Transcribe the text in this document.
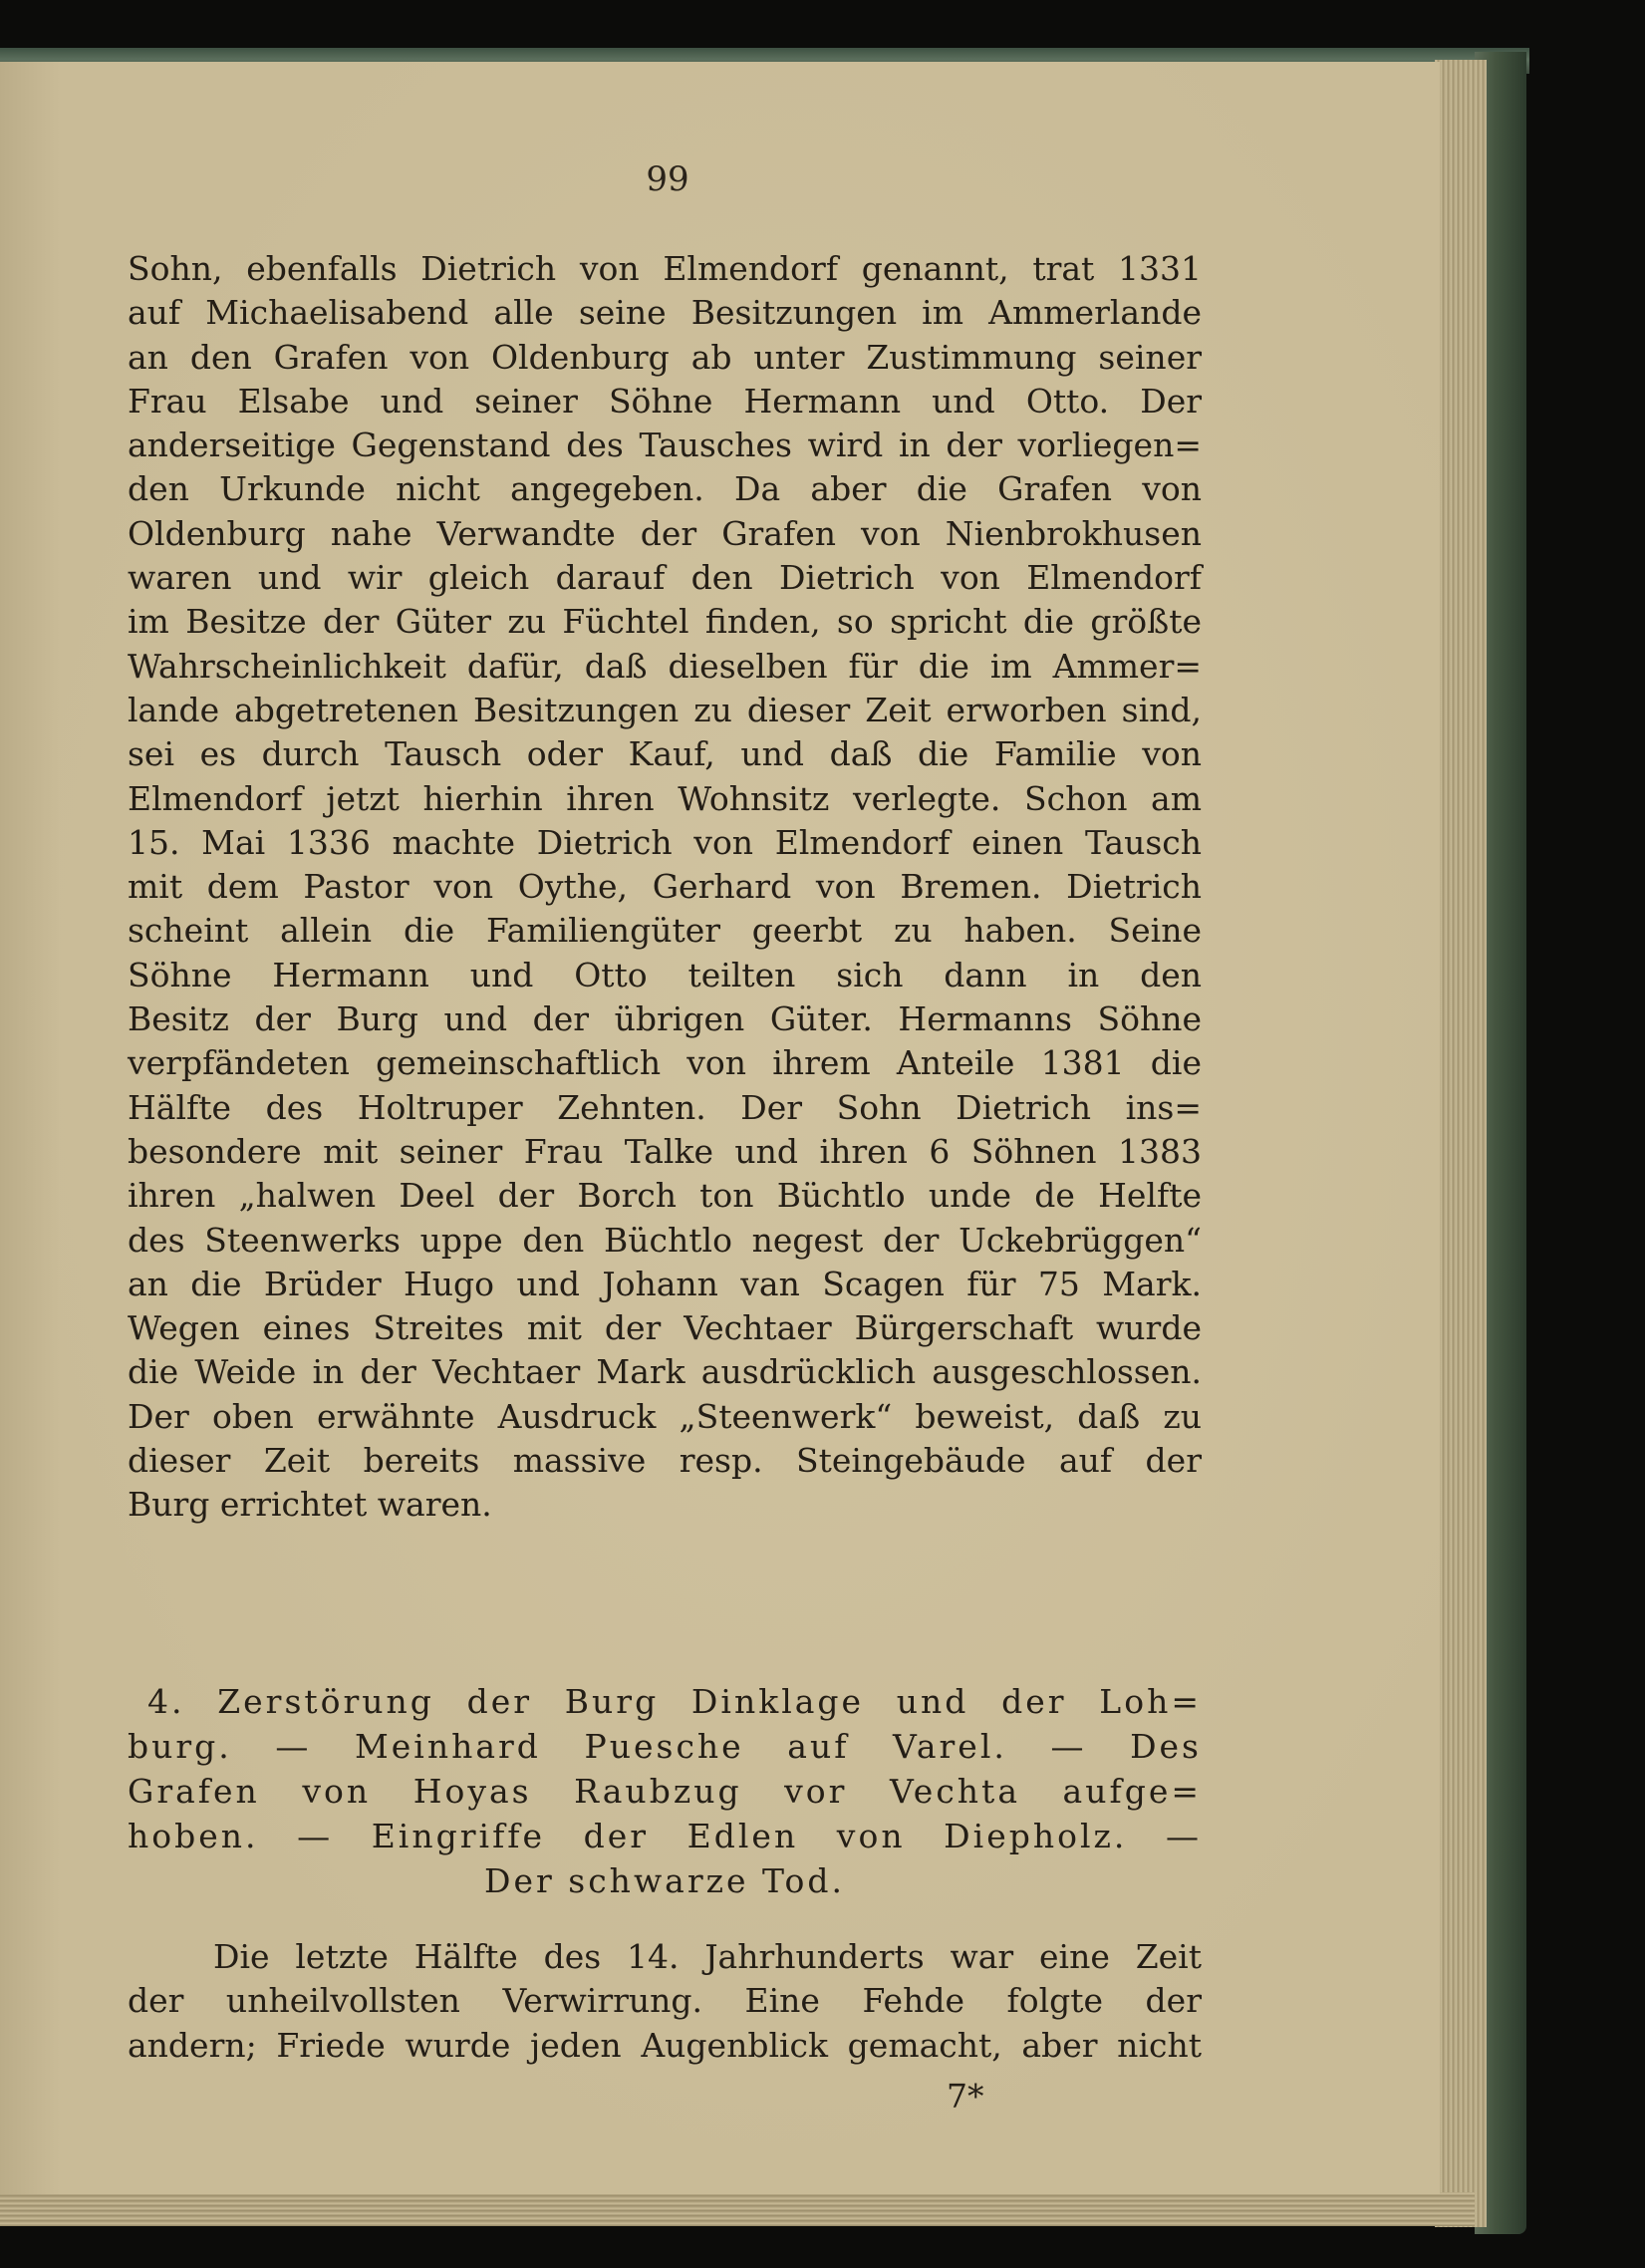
99
Sohn, ebenfalls Dietrich von Elmendorf genannt, trat 1331
auf Michaelisabend alle seine Besitzungen im Ammerlande
an den Grafen von Oldenburg ab unter Zustimmung seiner
Frau Elsabe und seiner Söhne Hermann und Otto. Der
anderseitige Gegenstand des Tausches wird in der vorliegen=
den Urkunde nicht angegeben. Da aber die Grafen von
Oldenburg nahe Verwandte der Grafen von Nienbrokhusen
waren und wir gleich darauf den Dietrich von Elmendorf
im Besitze der Güter zu Füchtel finden, so spricht die größte
Wahrscheinlichkeit dafür, daß dieselben für die im Ammer=
lande abgetretenen Besitzungen zu dieser Zeit erworben sind,
sei es durch Tausch oder Kauf, und daß die Familie von
Elmendorf jetzt hierhin ihren Wohnsitz verlegte. Schon am
15. Mai 1336 machte Dietrich von Elmendorf einen Tausch
mit dem Pastor von Oythe, Gerhard von Bremen. Dietrich
scheint allein die Familiengüter geerbt zu haben. Seine
Söhne Hermann und Otto teilten sich dann in den
Besitz der Burg und der übrigen Güter. Hermanns Söhne
verpfändeten gemeinschaftlich von ihrem Anteile 1381 die
Hälfte des Holtruper Zehnten. Der Sohn Dietrich ins=
besondere mit seiner Frau Talke und ihren 6 Söhnen 1383
ihren „halwen Deel der Borch ton Büchtlo unde de Helfte
des Steenwerks uppe den Büchtlo negest der Uckebrüggen“
an die Brüder Hugo und Johann van Scagen für 75 Mark.
Wegen eines Streites mit der Vechtaer Bürgerschaft wurde
die Weide in der Vechtaer Mark ausdrücklich ausgeschlossen.
Der oben erwähnte Ausdruck „Steenwerk“ beweist, daß zu
dieser Zeit bereits massive resp. Steingebäude auf der
Burg errichtet waren.
4. Zerstörung der Burg Dinklage und der Loh=
burg. — Meinhard Puesche auf Varel. — Des
Grafen von Hoyas Raubzug vor Vechta aufge=
hoben. — Eingriffe der Edlen von Diepholz. —
Der schwarze Tod.
Die letzte Hälfte des 14. Jahrhunderts war eine Zeit
der unheilvollsten Verwirrung. Eine Fehde folgte der
andern; Friede wurde jeden Augenblick gemacht, aber nicht
7*
